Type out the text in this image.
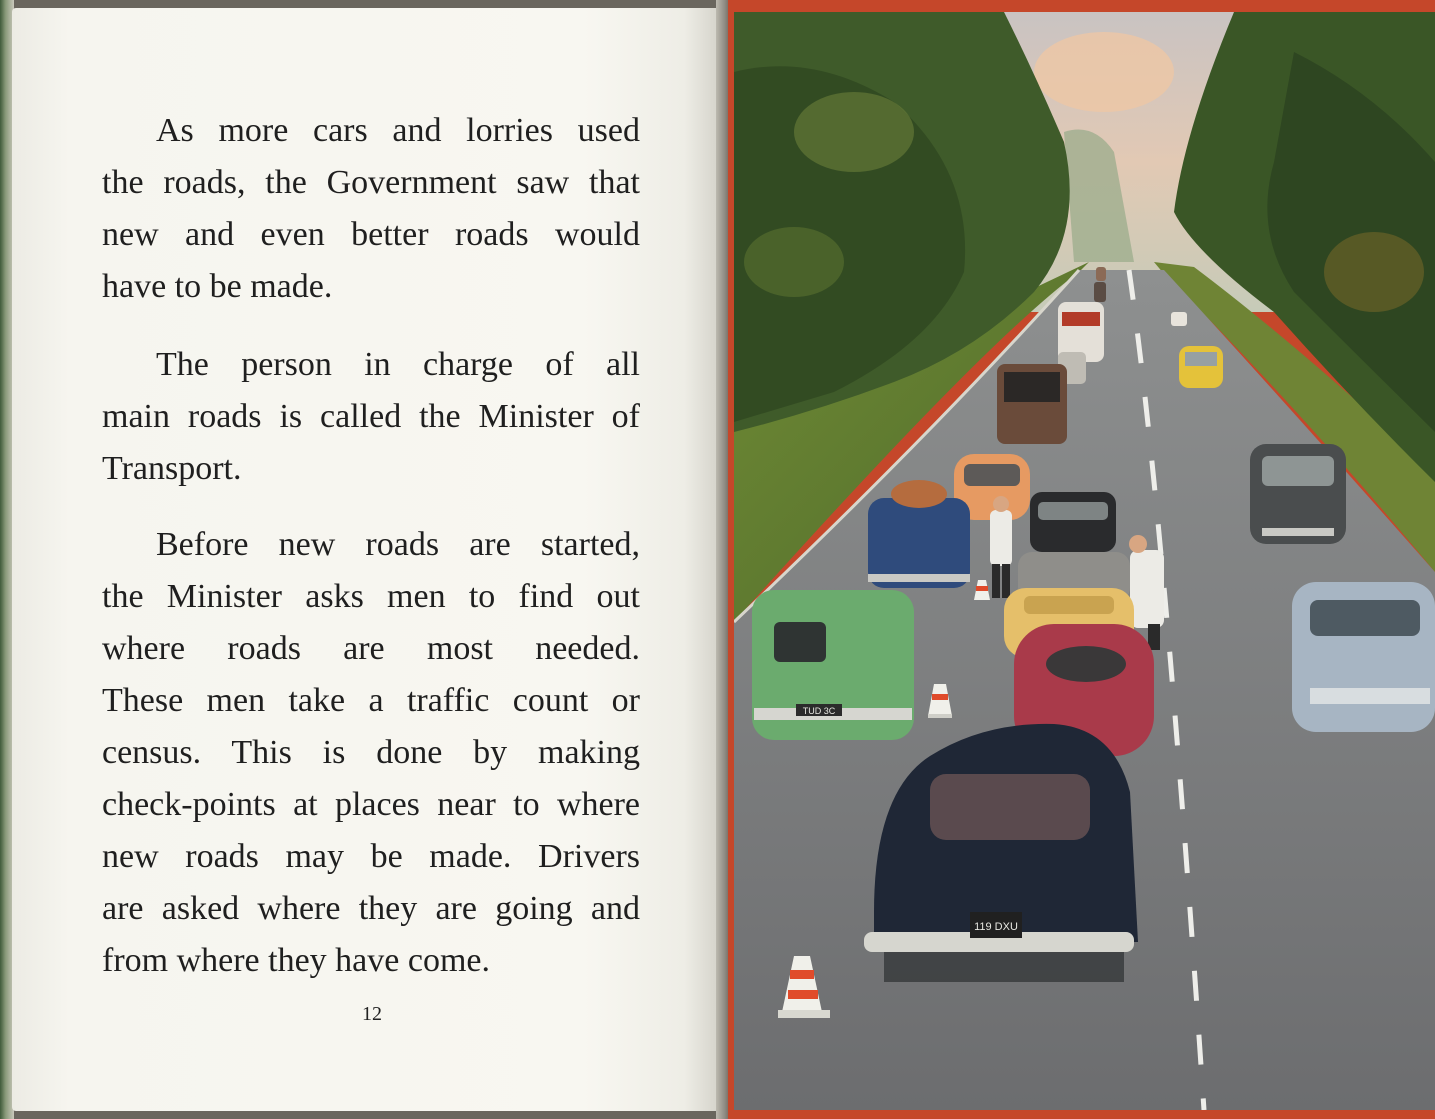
As more cars and lorries used
the roads, the Government saw that
new and even better roads would
have to be made.
The person in charge of all
main roads is called the Minister of
Transport.
Before new roads are started,
the Minister asks men to find out
where roads are most needed.
These men take a traffic count or
census. This is done by making
check-points at places near to where
new roads may be made. Drivers
are asked where they are going and
from where they have come.
12
TUD 3C
119 DXU
